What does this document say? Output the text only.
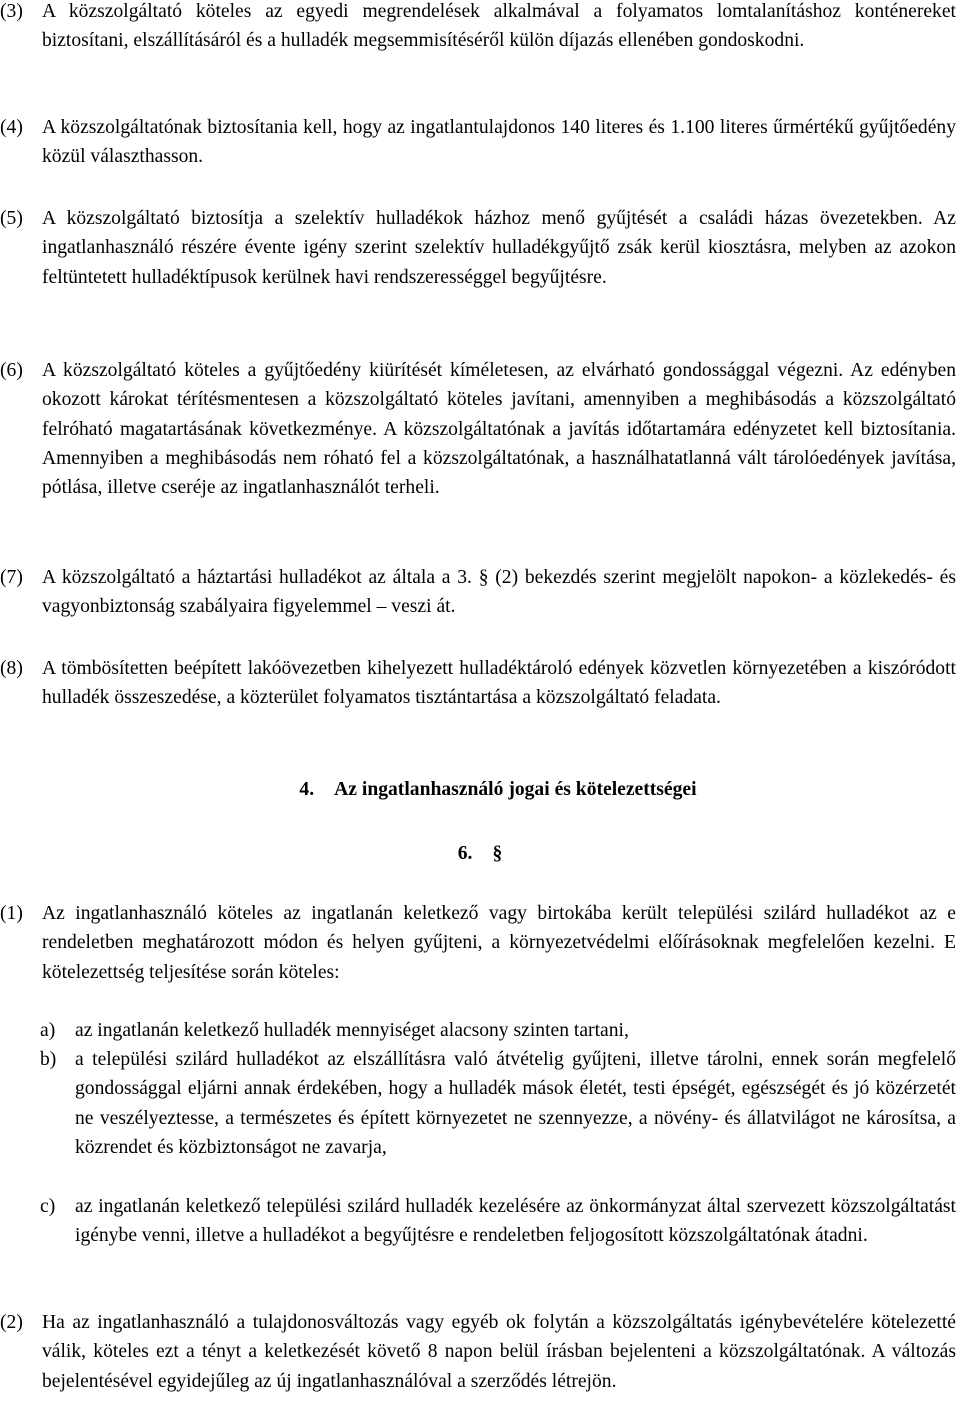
(3) A közszolgáltató köteles az egyedi megrendelések alkalmával a folyamatos lomtalanításhoz konténereket biztosítani, elszállításáról és a hulladék megsemmisítéséről külön díjazás ellenében gondoskodni.
(4) A közszolgáltatónak biztosítania kell, hogy az ingatlantulajdonos 140 literes és 1.100 literes űrmértékű gyűjtőedény közül választhasson.
(5) A közszolgáltató biztosítja a szelektív hulladékok házhoz menő gyűjtését a családi házas övezetekben. Az ingatlanhasználó részére évente igény szerint szelektív hulladékgyűjtő zsák kerül kiosztásra, melyben az azokon feltüntetett hulladéktípusok kerülnek havi rendszerességgel begyűjtésre.
(6) A közszolgáltató köteles a gyűjtőedény kiürítését kíméletesen, az elvárható gondossággal végezni. Az edényben okozott károkat térítésmentesen a közszolgáltató köteles javítani, amennyiben a meghibásodás a közszolgáltató felróható magatartásának következménye. A közszolgáltatónak a javítás időtartamára edényzetet kell biztosítania. Amennyiben a meghibásodás nem róható fel a közszolgáltatónak, a használhatatlanná vált tárolóedények javítása, pótlása, illetve cseréje az ingatlanhasználót terheli.
(7) A közszolgáltató a háztartási hulladékot az általa a 3. § (2) bekezdés szerint megjelölt napokon- a közlekedés- és vagyonbiztonság szabályaira figyelemmel – veszi át.
(8) A tömbösítetten beépített lakóövezetben kihelyezett hulladéktároló edények közvetlen környezetében a kiszóródott hulladék összeszedése, a közterület folyamatos tisztántartása a közszolgáltató feladata.
4. Az ingatlanhasználó jogai és kötelezettségei
6. §
(1) Az ingatlanhasználó köteles az ingatlanán keletkező vagy birtokába került települési szilárd hulladékot az e rendeletben meghatározott módon és helyen gyűjteni, a környezetvédelmi előírásoknak megfelelően kezelni. E kötelezettség teljesítése során köteles:
a)	az ingatlanán keletkező hulladék mennyiséget alacsony szinten tartani,
b) a települési szilárd hulladékot az elszállításra való átvételig gyűjteni, illetve tárolni, ennek során megfelelő gondossággal eljárni annak érdekében, hogy a hulladék mások életét, testi épségét, egészségét és jó közérzetét ne veszélyeztesse, a természetes és épített környezetet ne szennyezze, a növény- és állatvilágot ne károsítsa, a közrendet és közbiztonságot ne zavarja,
c)	az ingatlanán keletkező települési szilárd hulladék kezelésére az önkormányzat által szervezett közszolgáltatást igénybe venni, illetve a hulladékot a begyűjtésre e rendeletben feljogosított közszolgáltatónak átadni.
(2) Ha az ingatlanhasználó a tulajdonosváltozás vagy egyéb ok folytán a közszolgáltatás igénybevételére kötelezetté válik, köteles ezt a tényt a keletkezését követő 8 napon belül írásban bejelenteni a közszolgáltatónak. A változás bejelentésével egyidejűleg az új ingatlanhasználóval a szerződés létrejön.
